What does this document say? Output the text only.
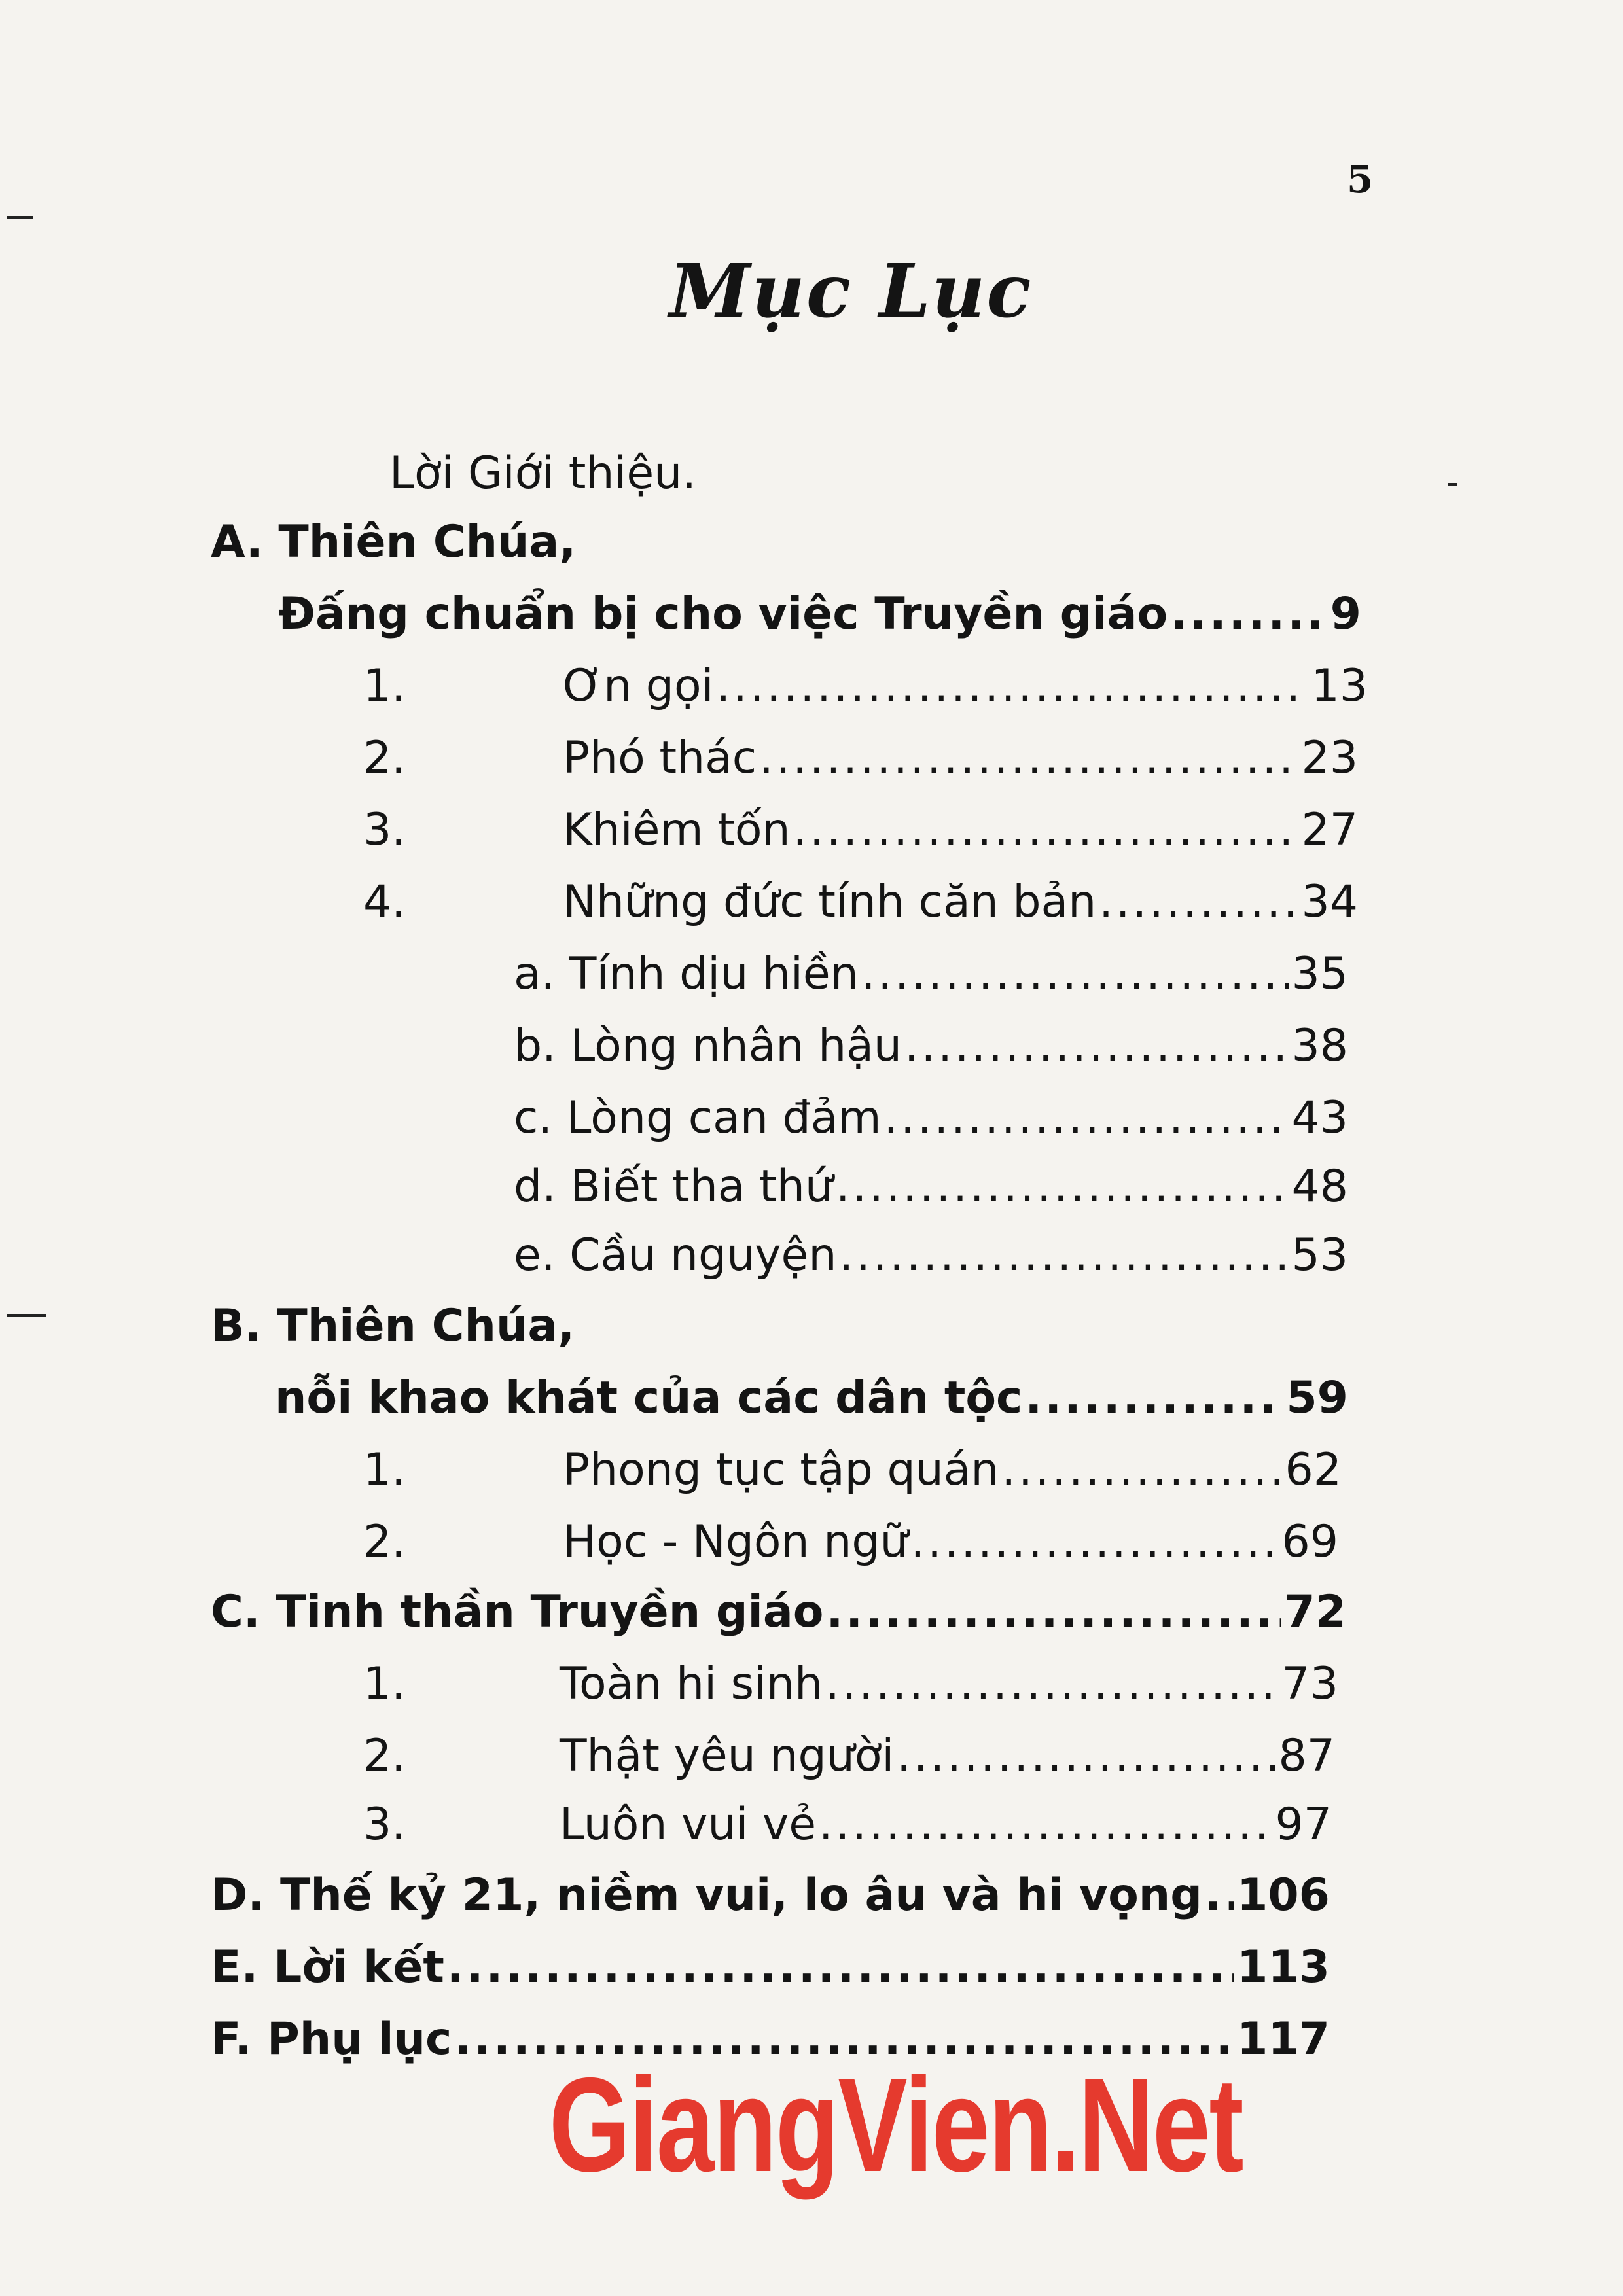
5
Mục Lục
Lời Giới thiệu.
A. Thiên Chúa,
Đấng chuẩn bị cho việc Truyền giáo .....	9
1.	Ơn gọi .....	13
2.	Phó thác .....	23
3.	Khiêm tốn .....	27
4.	Những đức tính căn bản .....	34
a. Tính dịu hiền .....	35
b. Lòng nhân hậu .....	38
c. Lòng can đảm .....	43
d. Biết tha thứ .....	48
e. Cầu nguyện .....	53
B. Thiên Chúa,
nỗi khao khát của các dân tộc .....	59
1.	Phong tục tập quán .....	62
2.	Học - Ngôn ngữ .....	69
C. Tinh thần Truyền giáo .....	72
1.	Toàn hi sinh .....	73
2.	Thật yêu người .....	87
3.	Luôn vui vẻ .....	97
D. Thế kỷ 21, niềm vui, lo âu và hi vọng ..... 106
E. Lời kết .....	113
F. Phụ lục .....	117
GiangVien.Net
